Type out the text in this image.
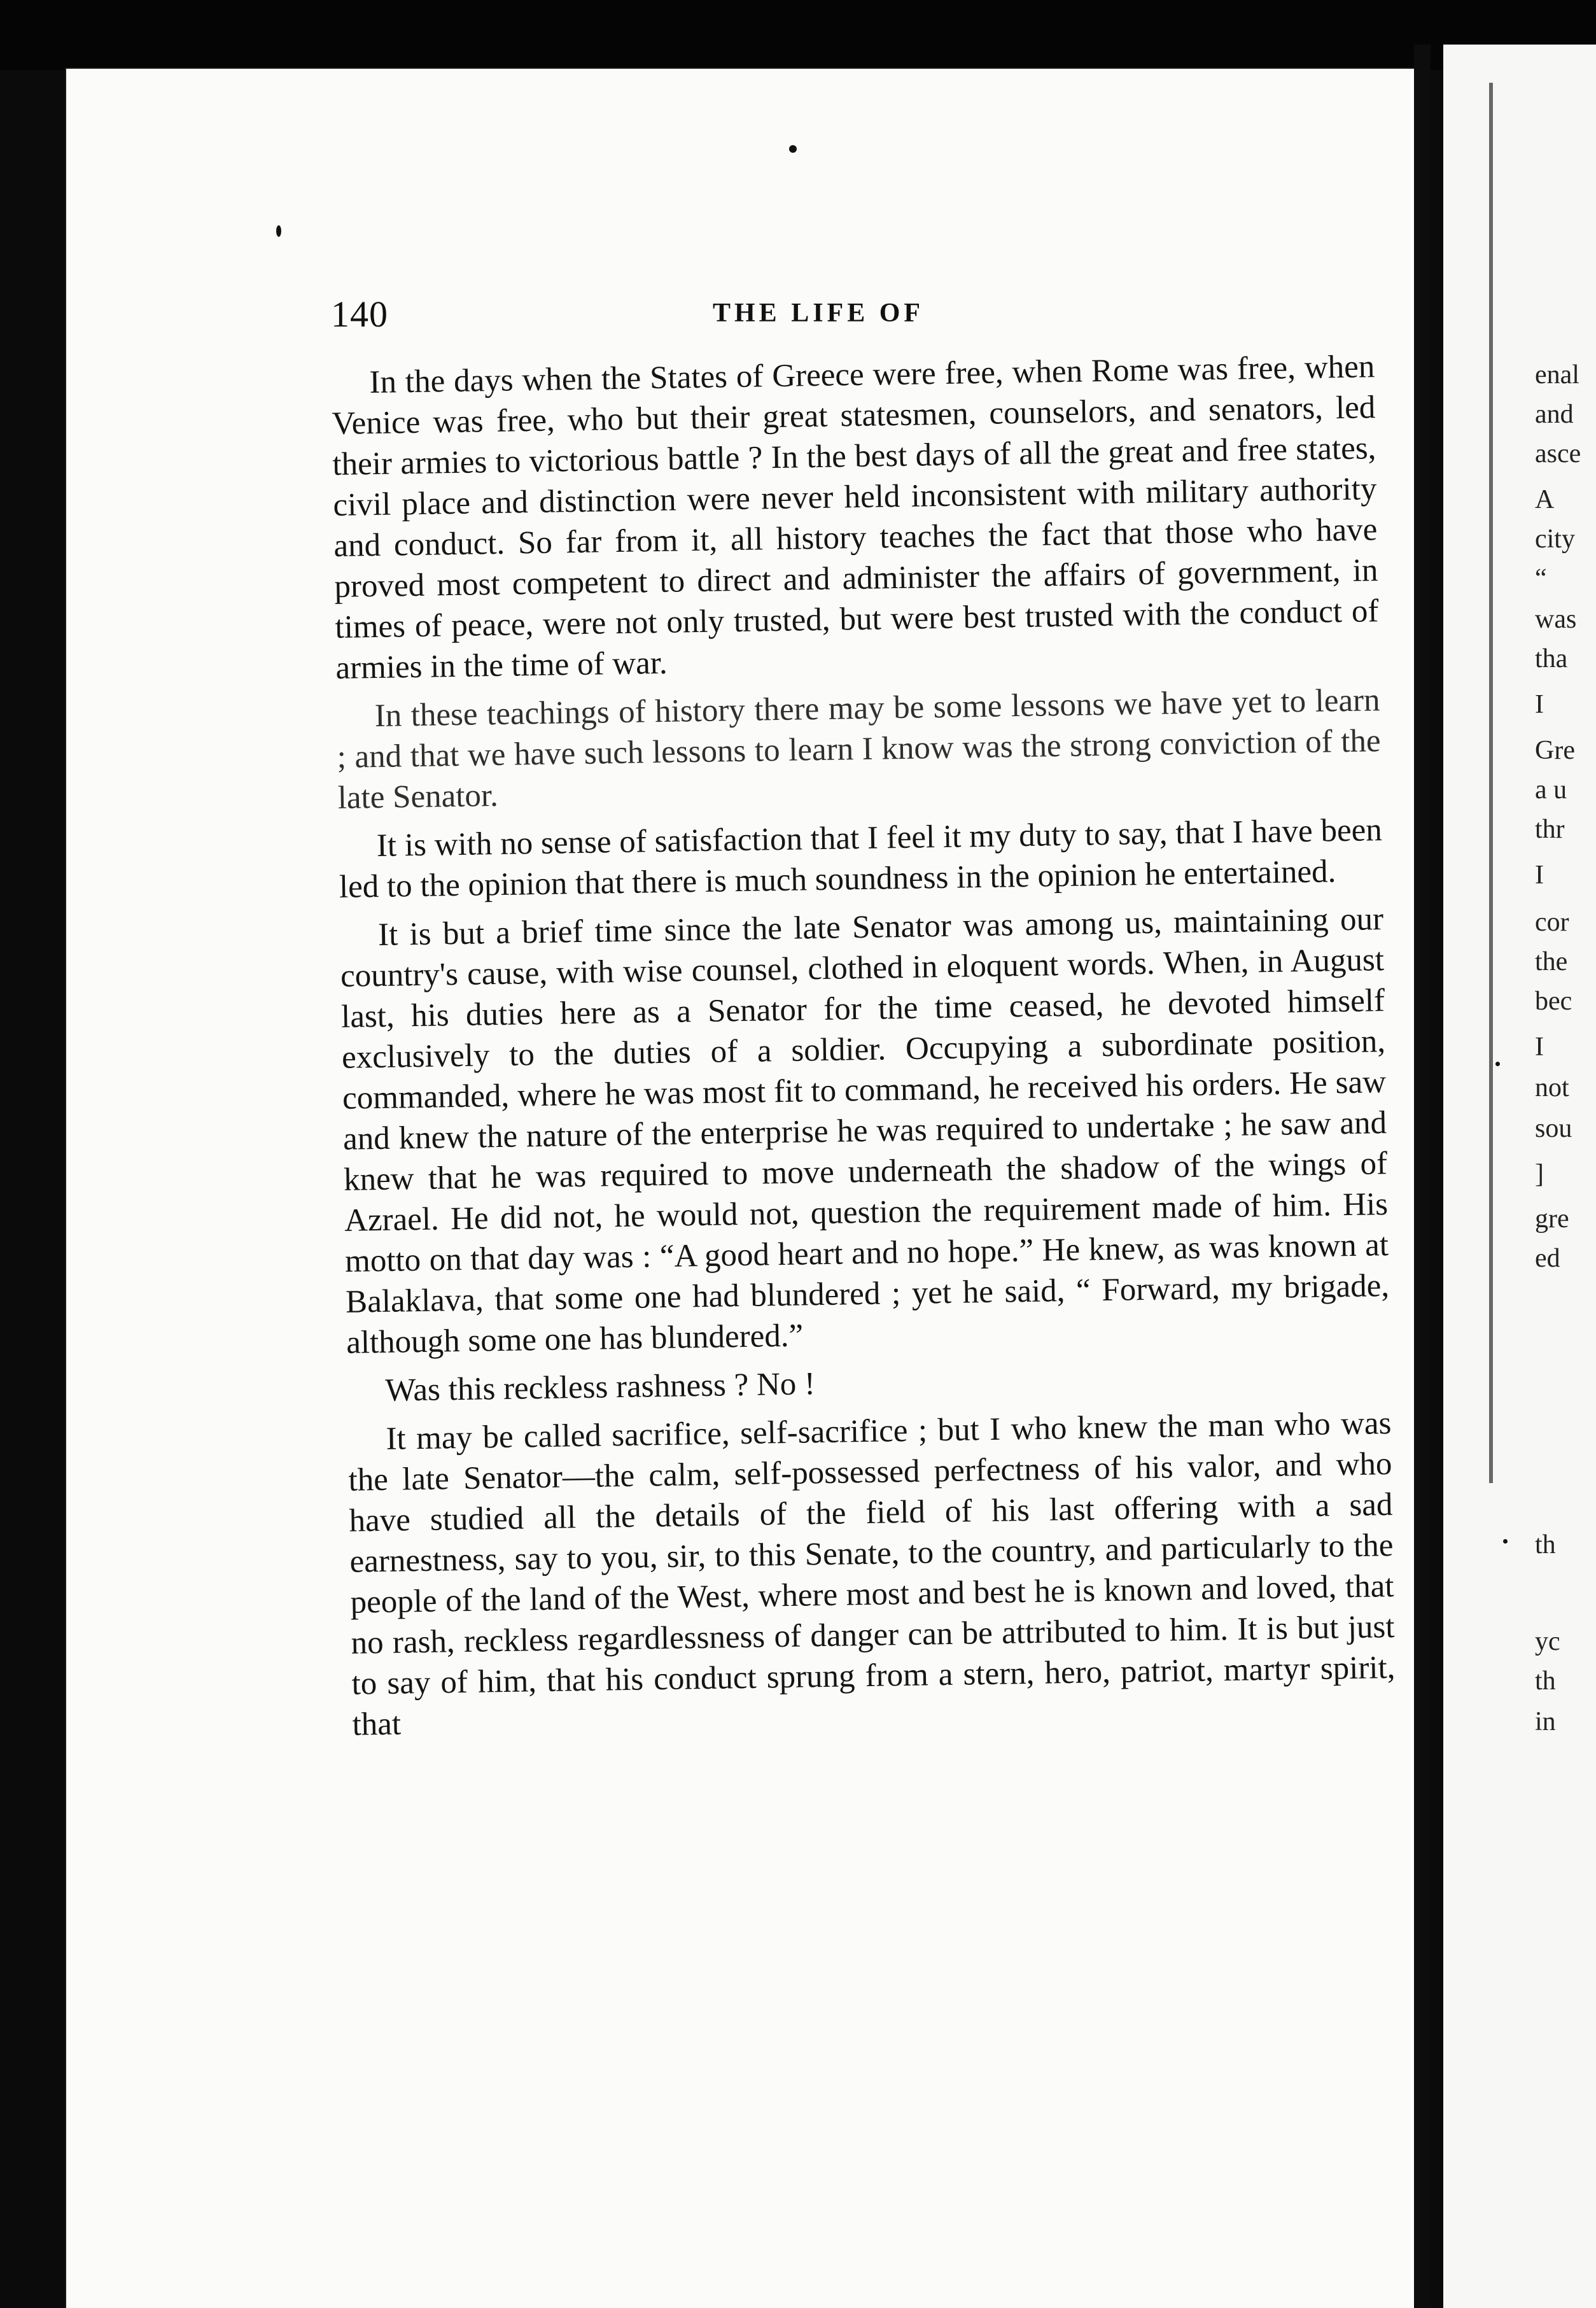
140	THE LIFE OF

In the days when the States of Greece were free, when Rome was free, when Venice was free, who but their great statesmen, counselors, and senators, led their armies to victorious battle ? In the best days of all the great and free states, civil place and distinction were never held inconsistent with military authority and conduct. So far from it, all history teaches the fact that those who have proved most competent to direct and administer the affairs of government, in times of peace, were not only trusted, but were best trusted with the conduct of armies in the time of war.

In these teachings of history there may be some lessons we have yet to learn ; and that we have such lessons to learn I know was the strong conviction of the late Senator.

It is with no sense of satisfaction that I feel it my duty to say, that I have been led to the opinion that there is much soundness in the opinion he entertained.

It is but a brief time since the late Senator was among us, maintaining our country's cause, with wise counsel, clothed in eloquent words. When, in August last, his duties here as a Senator for the time ceased, he devoted himself exclusively to the duties of a soldier. Occupying a subordinate position, commanded, where he was most fit to command, he received his orders. He saw and knew the nature of the enterprise he was required to undertake ; he saw and knew that he was required to move underneath the shadow of the wings of Azrael. He did not, he would not, question the requirement made of him. His motto on that day was : “A good heart and no hope.” He knew, as was known at Balaklava, that some one had blundered ; yet he said, “ Forward, my brigade, although some one has blundered.”

Was this reckless rashness ? No !

It may be called sacrifice, self-sacrifice ; but I who knew the man who was the late Senator—the calm, self-possessed perfectness of his valor, and who have studied all the details of the field of his last offering with a sad earnestness, say to you, sir, to this Senate, to the country, and particularly to the people of the land of the West, where most and best he is known and loved, that no rash, reckless regardlessness of danger can be attributed to him. It is but just to say of him, that his conduct sprung from a stern, hero, patriot, martyr spirit, that

enal
and
asce
A
city
“
was
tha
I
Gre
a u
thr
I
cor
the
bec
I
not
sou
]
gre
ed
th
yc
th
in
